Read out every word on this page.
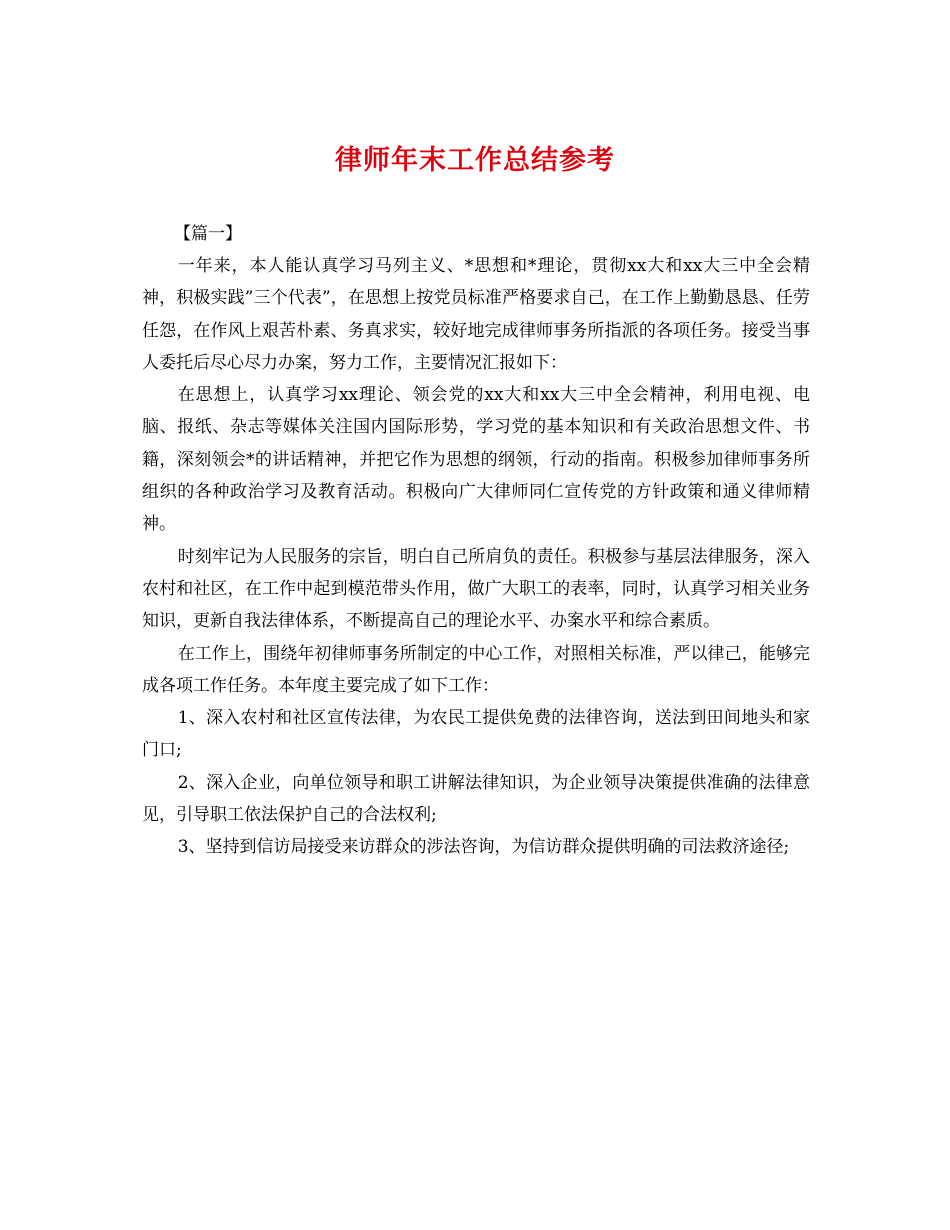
律师年末工作总结参考

【篇一】

一年来，本人能认真学习马列主义、*思想和*理论，贯彻xx大和xx大三中全会精神，积极实践”三个代表”，在思想上按党员标准严格要求自己，在工作上勤勤恳恳、任劳任怨，在作风上艰苦朴素、务真求实，较好地完成律师事务所指派的各项任务。接受当事人委托后尽心尽力办案，努力工作，主要情况汇报如下：

在思想上，认真学习xx理论、领会党的xx大和xx大三中全会精神，利用电视、电脑、报纸、杂志等媒体关注国内国际形势，学习党的基本知识和有关政治思想文件、书籍，深刻领会*的讲话精神，并把它作为思想的纲领，行动的指南。积极参加律师事务所组织的各种政治学习及教育活动。积极向广大律师同仁宣传党的方针政策和通义律师精神。

时刻牢记为人民服务的宗旨，明白自己所肩负的责任。积极参与基层法律服务，深入农村和社区，在工作中起到模范带头作用，做广大职工的表率，同时，认真学习相关业务知识，更新自我法律体系，不断提高自己的理论水平、办案水平和综合素质。

在工作上，围绕年初律师事务所制定的中心工作，对照相关标准，严以律己，能够完成各项工作任务。本年度主要完成了如下工作：

1、深入农村和社区宣传法律，为农民工提供免费的法律咨询，送法到田间地头和家门口;

2、深入企业，向单位领导和职工讲解法律知识，为企业领导决策提供准确的法律意见，引导职工依法保护自己的合法权利;

3、坚持到信访局接受来访群众的涉法咨询，为信访群众提供明确的司法救济途径;
